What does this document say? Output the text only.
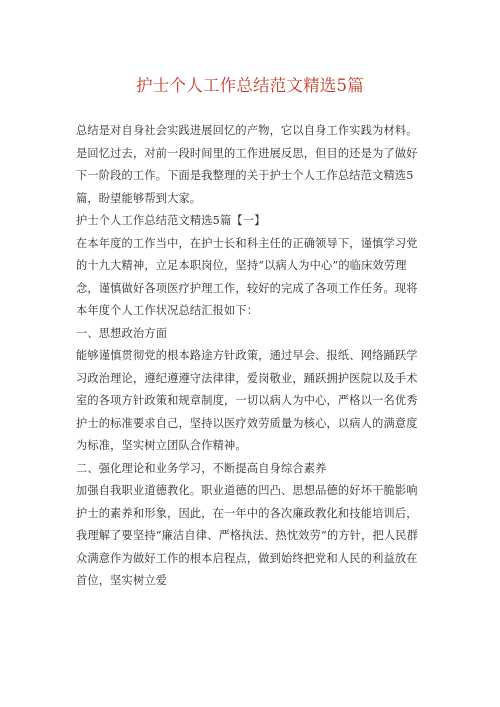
护士个人工作总结范文精选5篇

总结是对自身社会实践进展回忆的产物，它以自身工作实践为材料。是回忆过去，对前一段时间里的工作进展反思，但目的还是为了做好下一阶段的工作。下面是我整理的关于护士个人工作总结范文精选5篇，盼望能够帮到大家。

护士个人工作总结范文精选5篇【一】

在本年度的工作当中，在护士长和科主任的正确领导下，谨慎学习党的十九大精神，立足本职岗位，坚持“以病人为中心”的临床效劳理念，谨慎做好各项医疗护理工作，较好的完成了各项工作任务。现将本年度个人工作状况总结汇报如下：

一、思想政治方面

能够谨慎贯彻党的根本路途方针政策，通过早会、报纸、网络踊跃学习政治理论，遵纪遵遵守法律律，爱岗敬业，踊跃拥护医院以及手术室的各项方针政策和规章制度，一切以病人为中心，严格以一名优秀护士的标准要求自己，坚持以医疗效劳质量为核心，以病人的满意度为标准，坚实树立团队合作精神。

二、强化理论和业务学习，不断提高自身综合素养

加强自我职业道德教化。职业道德的凹凸、思想品德的好坏干脆影响护士的素养和形象，因此，在一年中的各次廉政教化和技能培训后，我理解了要坚持“廉洁自律、严格执法、热忱效劳”的方针，把人民群众满意作为做好工作的根本启程点，做到始终把党和人民的利益放在首位，坚实树立爱
